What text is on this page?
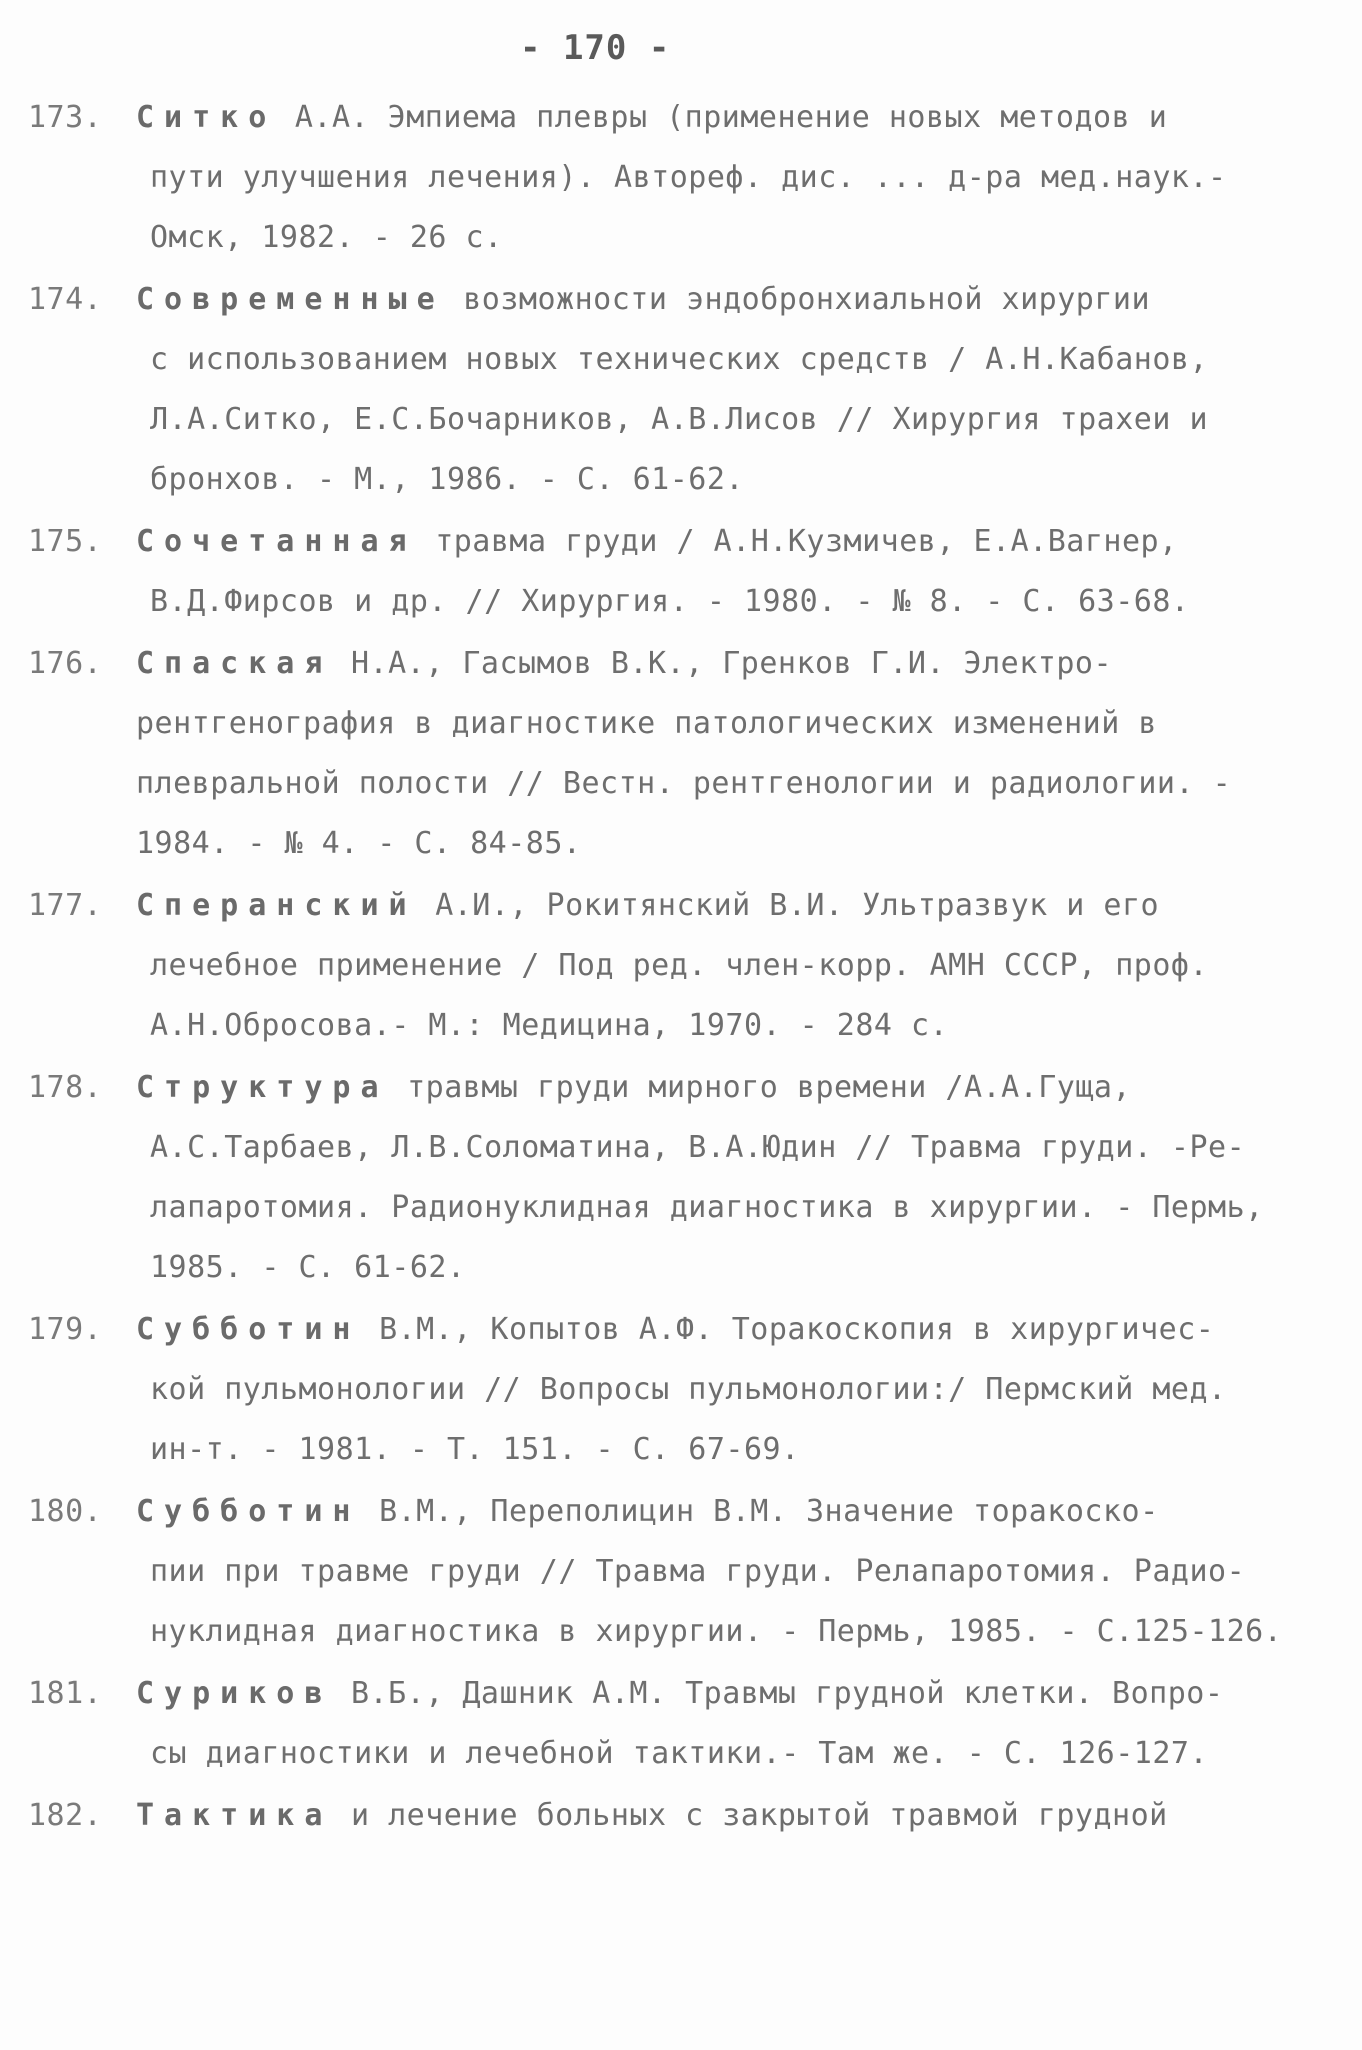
- 170 -
173. Ситко А.А. Эмпиема плевры (применение новых методов и
пути улучшения лечения). Автореф. дис. ... д-ра мед.наук.-
Омск, 1982. - 26 с.
174. Современные возможности эндобронхиальной хирургии
с использованием новых технических средств / А.Н.Кабанов,
Л.А.Ситко, Е.С.Бочарников, А.В.Лисов // Хирургия трахеи и
бронхов. - М., 1986. - С. 61-62.
175. Сочетанная травма груди / А.Н.Кузмичев, Е.А.Вагнер,
В.Д.Фирсов и др. // Хирургия. - 1980. - № 8. - С. 63-68.
176. Спаская Н.А., Гасымов В.К., Гренков Г.И. Электро-
рентгенография в диагностике патологических изменений в
плевральной полости // Вестн. рентгенологии и радиологии. -
1984. - № 4. - С. 84-85.
177. Сперанский А.И., Рокитянский В.И. Ультразвук и его
лечебное применение / Под ред. член-корр. АМН СССР, проф.
А.Н.Обросова.- М.: Медицина, 1970. - 284 с.
178. Структура травмы груди мирного времени /А.А.Гуща,
А.С.Тарбаев, Л.В.Соломатина, В.А.Юдин // Травма груди. -Ре-
лапаротомия. Радионуклидная диагностика в хирургии. - Пермь,
1985. - С. 61-62.
179. Субботин В.М., Копытов А.Ф. Торакоскопия в хирургичес-
кой пульмонологии // Вопросы пульмонологии:/ Пермский мед.
ин-т. - 1981. - Т. 151. - С. 67-69.
180. Субботин В.М., Переполицин В.М. Значение торакоско-
пии при травме груди // Травма груди. Релапаротомия. Радио-
нуклидная диагностика в хирургии. - Пермь, 1985. - С.125-126.
181. Суриков В.Б., Дашник А.М. Травмы грудной клетки. Вопро-
сы диагностики и лечебной тактики.- Там же. - С. 126-127.
182. Тактика и лечение больных с закрытой травмой грудной
